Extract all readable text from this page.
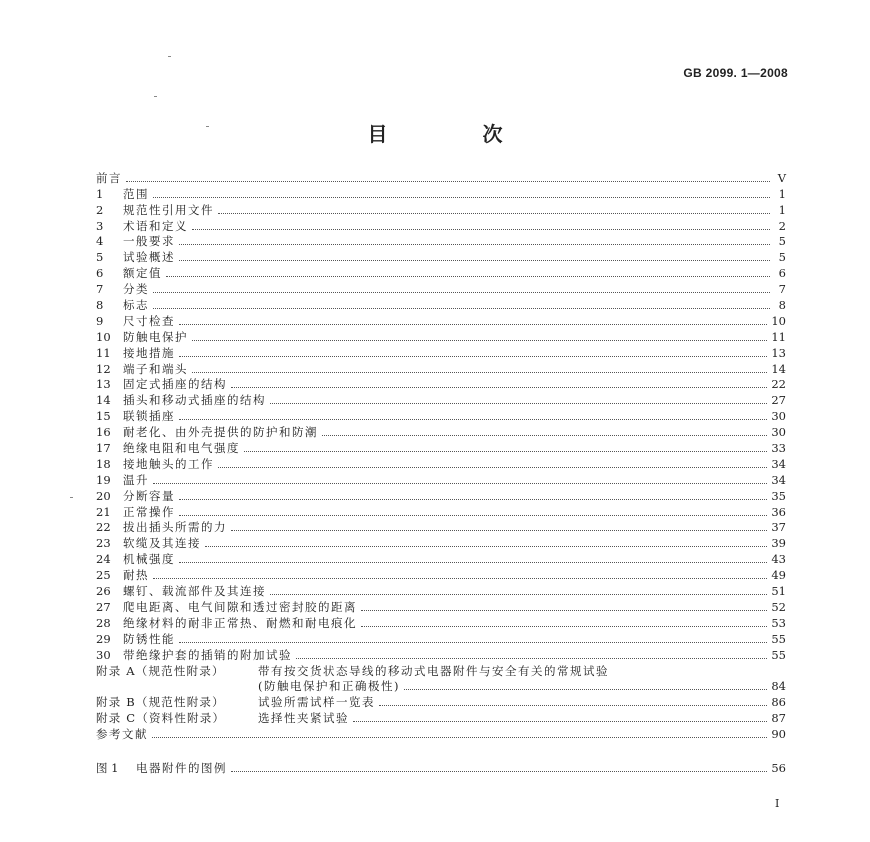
GB 2099. 1—2008
目 次
前言	V
1	范围	1
2	规范性引用文件	1
3	术语和定义	2
4	一般要求	5
5	试验概述	5
6	额定值	6
7	分类	7
8	标志	8
9	尺寸检查	10
10	防触电保护	11
11	接地措施	13
12	端子和端头	14
13	固定式插座的结构	22
14	插头和移动式插座的结构	27
15	联锁插座	30
16	耐老化、由外壳提供的防护和防潮	30
17	绝缘电阻和电气强度	33
18	接地触头的工作	34
19	温升	34
20	分断容量	35
21	正常操作	36
22	拔出插头所需的力	37
23	软缆及其连接	39
24	机械强度	43
25	耐热	49
26	螺钉、载流部件及其连接	51
27	爬电距离、电气间隙和透过密封胶的距离	52
28	绝缘材料的耐非正常热、耐燃和耐电痕化	53
29	防锈性能	55
30	带绝缘护套的插销的附加试验	55
附录 A（规范性附录）	带有按交货状态导线的移动式电器附件与安全有关的常规试验
(防触电保护和正确极性)	84
附录 B（规范性附录）	试验所需试样一览表	86
附录 C（资料性附录）	选择性夹紧试验	87
参考文献	90
图 1	电器附件的图例	56
I
